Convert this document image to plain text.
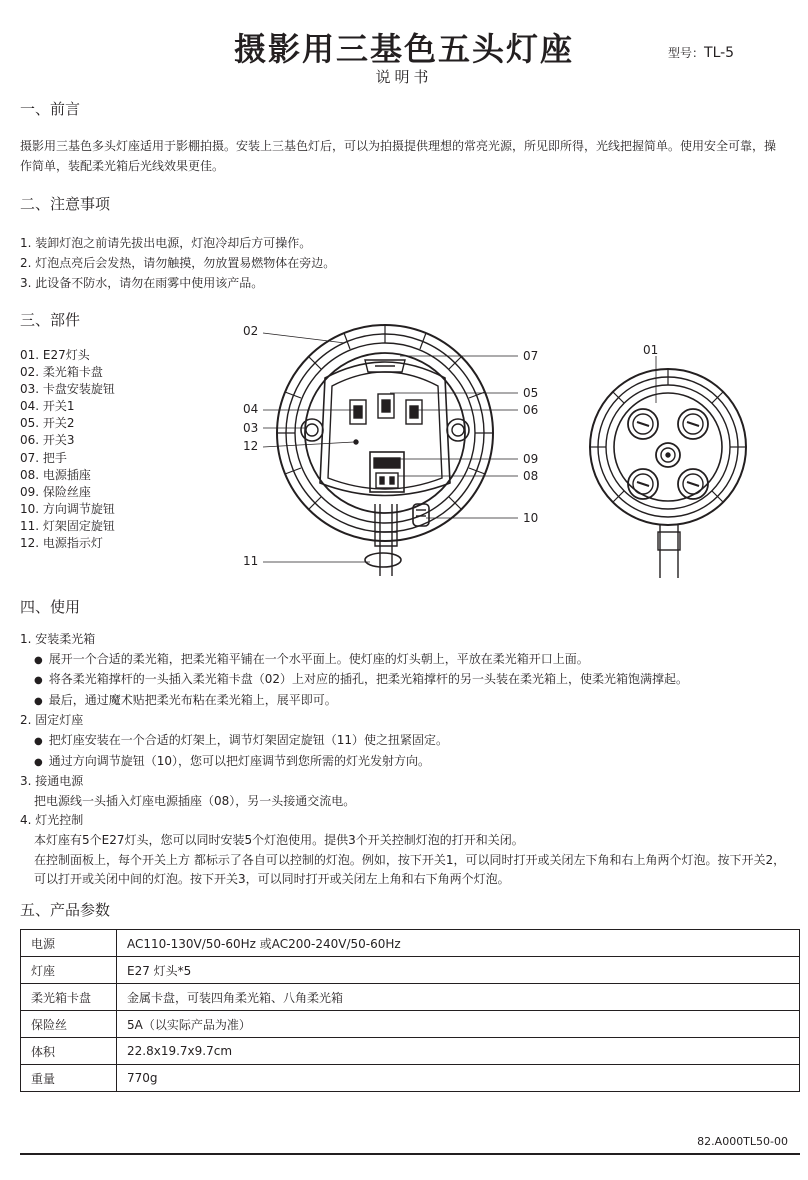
摄影用三基色五头灯座	型号：TL-5
说明书
一、前言
摄影用三基色多头灯座适用于影棚拍摄。安装上三基色灯后，可以为拍摄提供理想的常亮光源，所见即所得，光线把握简单。使用安全可靠，操
作简单，装配柔光箱后光线效果更佳。
二、注意事项
1. 装卸灯泡之前请先拔出电源，灯泡冷却后方可操作。
2. 灯泡点亮后会发热，请勿触摸，勿放置易燃物体在旁边。
3. 此设备不防水，请勿在雨雾中使用该产品。
三、部件
01. E27灯头
02. 柔光箱卡盘
03. 卡盘安装旋钮
04. 开关1
05. 开关2
06. 开关3
07. 把手
08. 电源插座
09. 保险丝座
10. 方向调节旋钮
11. 灯架固定旋钮
12. 电源指示灯
02
07
05
04	06
03
12
09
08
10
11
01
四、使用
1. 安装柔光箱
● 展开一个合适的柔光箱，把柔光箱平铺在一个水平面上。使灯座的灯头朝上，平放在柔光箱开口上面。
● 将各柔光箱撑杆的一头插入柔光箱卡盘（02）上对应的插孔，把柔光箱撑杆的另一头装在柔光箱上，使柔光箱饱满撑起。
● 最后，通过魔术贴把柔光布粘在柔光箱上，展平即可。
2. 固定灯座
● 把灯座安装在一个合适的灯架上，调节灯架固定旋钮（11）使之扭紧固定。
● 通过方向调节旋钮（10），您可以把灯座调节到您所需的灯光发射方向。
3. 接通电源
把电源线一头插入灯座电源插座（08），另一头接通交流电。
4. 灯光控制
本灯座有5个E27灯头，您可以同时安装5个灯泡使用。提供3个开关控制灯泡的打开和关闭。
在控制面板上，每个开关上方 都标示了各自可以控制的灯泡。例如，按下开关1，可以同时打开或关闭左下角和右上角两个灯泡。按下开关2，
可以打开或关闭中间的灯泡。按下开关3，可以同时打开或关闭左上角和右下角两个灯泡。
五、产品参数
电源	AC110-130V/50-60Hz 或AC200-240V/50-60Hz
灯座	E27 灯头*5
柔光箱卡盘	金属卡盘，可装四角柔光箱、八角柔光箱
保险丝	5A（以实际产品为准）
体积	22.8x19.7x9.7cm
重量	770g
82.A000TL50-00
